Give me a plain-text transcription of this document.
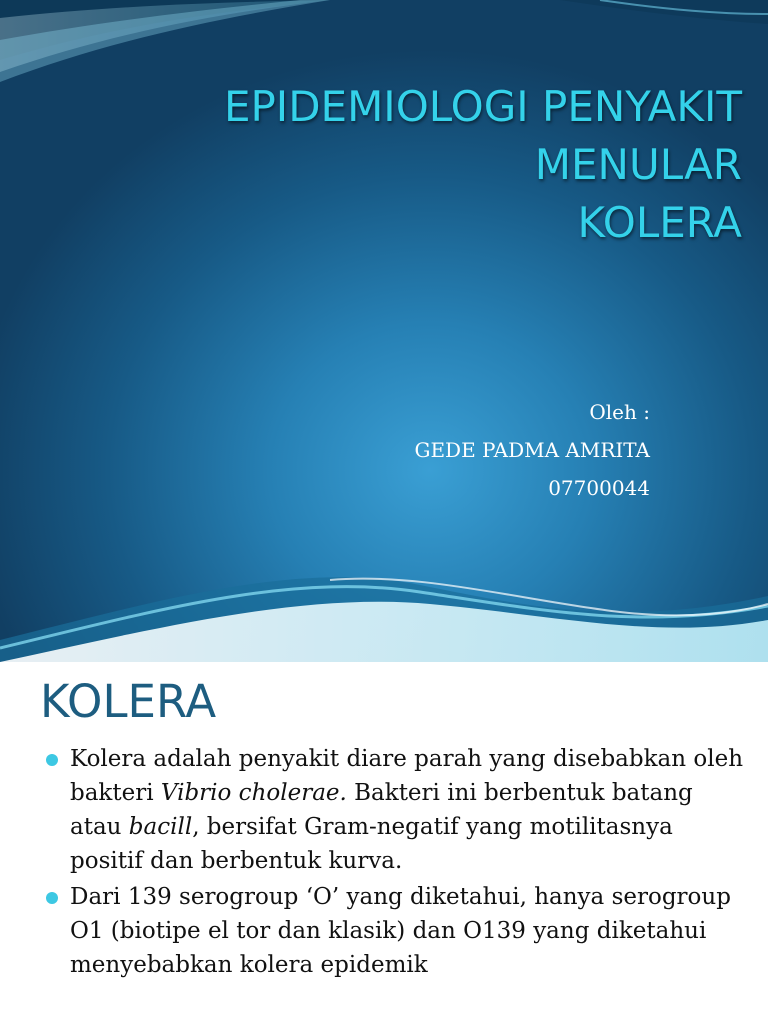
EPIDEMIOLOGI PENYAKIT
MENULAR
KOLERA
Oleh :
GEDE PADMA AMRITA
07700044
KOLERA
Kolera adalah penyakit diare parah yang disebabkan oleh bakteri Vibrio cholerae. Bakteri ini berbentuk batang atau bacill, bersifat Gram-negatif yang motilitasnya positif dan berbentuk kurva.
Dari 139 serogroup ‘O’ yang diketahui, hanya serogroup O1 (biotipe el tor dan klasik) dan O139 yang diketahui menyebabkan kolera epidemik
